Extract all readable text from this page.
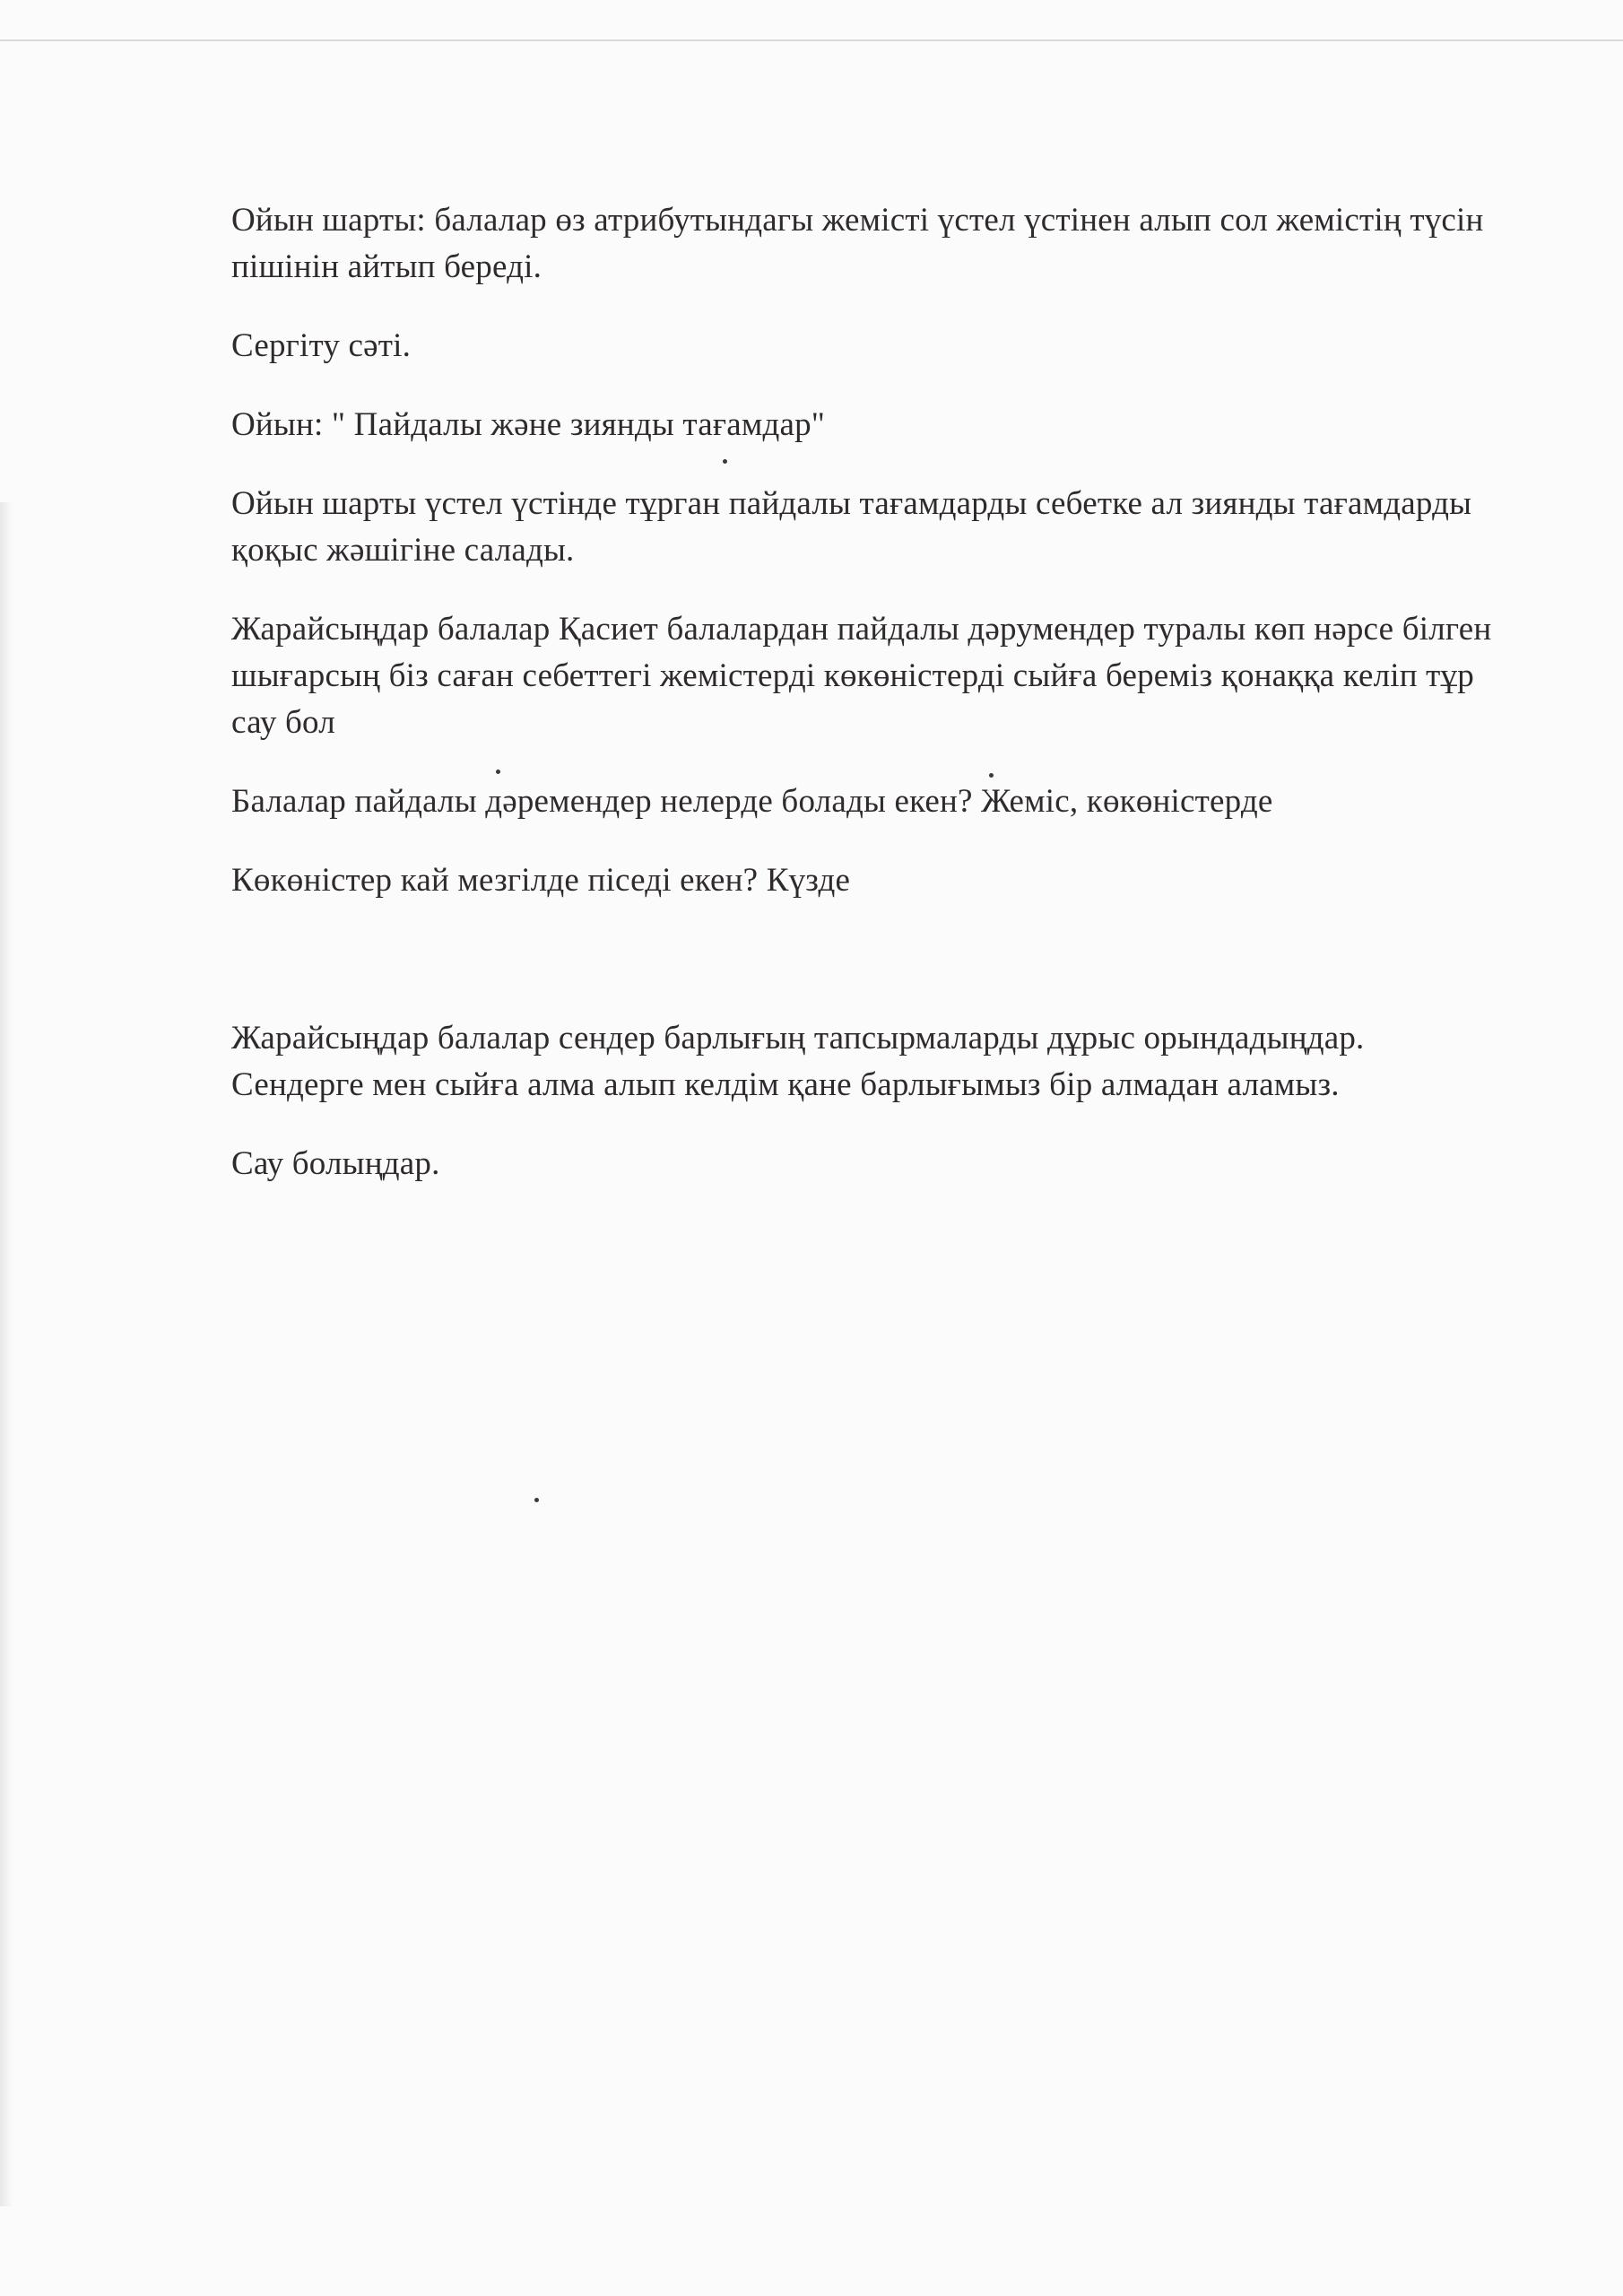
Ойын шарты: балалар өз атрибутындагы жемісті үстел үстінен алып сол жемістің түсін пішінін айтып береді.

Сергіту сәті.

Ойын: " Пайдалы және зиянды тағамдар"

Ойын шарты үстел үстінде тұрган пайдалы тағамдарды себетке ал зиянды тағамдарды қоқыс жәшігіне салады.

Жарайсыңдар балалар Қасиет балалардан пайдалы дәрумендер туралы көп нәрсе білген шығарсың біз саған себеттегі жемістерді көкөністерді сыйға береміз қонаққа келіп тұр сау бол

Балалар пайдалы дәремендер нелерде болады екен? Жеміс, көкөністерде

Көкөністер кай мезгілде піседі екен? Күзде

Жарайсыңдар балалар сендер барлығың тапсырмаларды дұрыс орындадыңдар. Сендерге мен сыйға алма алып келдім қане барлығымыз бір алмадан аламыз.

Сау болыңдар.
